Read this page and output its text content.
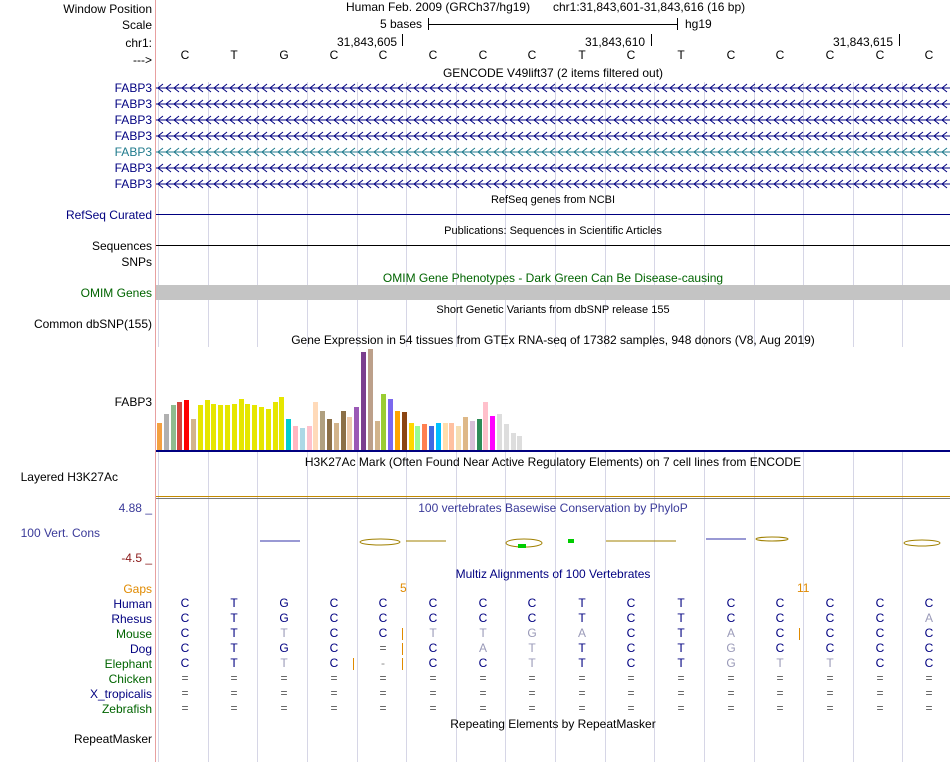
Window Position
Scale
chr1:
--->
FABP3
FABP3
FABP3
FABP3
FABP3
FABP3
FABP3
RefSeq Curated
Sequences
SNPs
OMIM Genes
Common dbSNP(155)
FABP3
Layered H3K27Ac
4.88 _
100 Vert. Cons
-4.5 _
Gaps
Human
Rhesus
Mouse
Dog
Elephant
Chicken
X_tropicalis
Zebrafish
RepeatMasker
Human Feb. 2009 (GRCh37/hg19) chr1:31,843,601-31,843,616 (16 bp)
5 bases	hg19
31,843,605	31,843,610	31,843,615
C	T	G	C	C	C	C	C	T	C	T	C	C	C	C	C
GENCODE V49lift37 (2 items filtered out)
RefSeq genes from NCBI
Publications: Sequences in Scientific Articles
OMIM Gene Phenotypes - Dark Green Can Be Disease-causing
Short Genetic Variants from dbSNP release 155
Gene Expression in 54 tissues from GTEx RNA-seq of 17382 samples, 948 donors (V8, Aug 2019)
H3K27Ac Mark (Often Found Near Active Regulatory Elements) on 7 cell lines from ENCODE
100 vertebrates Basewise Conservation by PhyloP
Multiz Alignments of 100 Vertebrates
5	11
C	T	G	C	C	C	C	C	T	C	T	C	C	C	C	C
C	T	G	C	C	C	C	C	T	C	T	C	C	C	C	A
C	T	T	C	C	T	T	G	A	C	T	A	C	C	C	C
C	T	G	C	=	C	A	T	T	C	T	G	C	C	C	C
C	T	T	C	-	C	C	T	T	C	T	G	T	T	C	C
=	=	=	=	=	=	=	=	=	=	=	=	=	=	=	=
=	=	=	=	=	=	=	=	=	=	=	=	=	=	=	=
=	=	=	=	=	=	=	=	=	=	=	=	=	=	=	=
Repeating Elements by RepeatMasker
